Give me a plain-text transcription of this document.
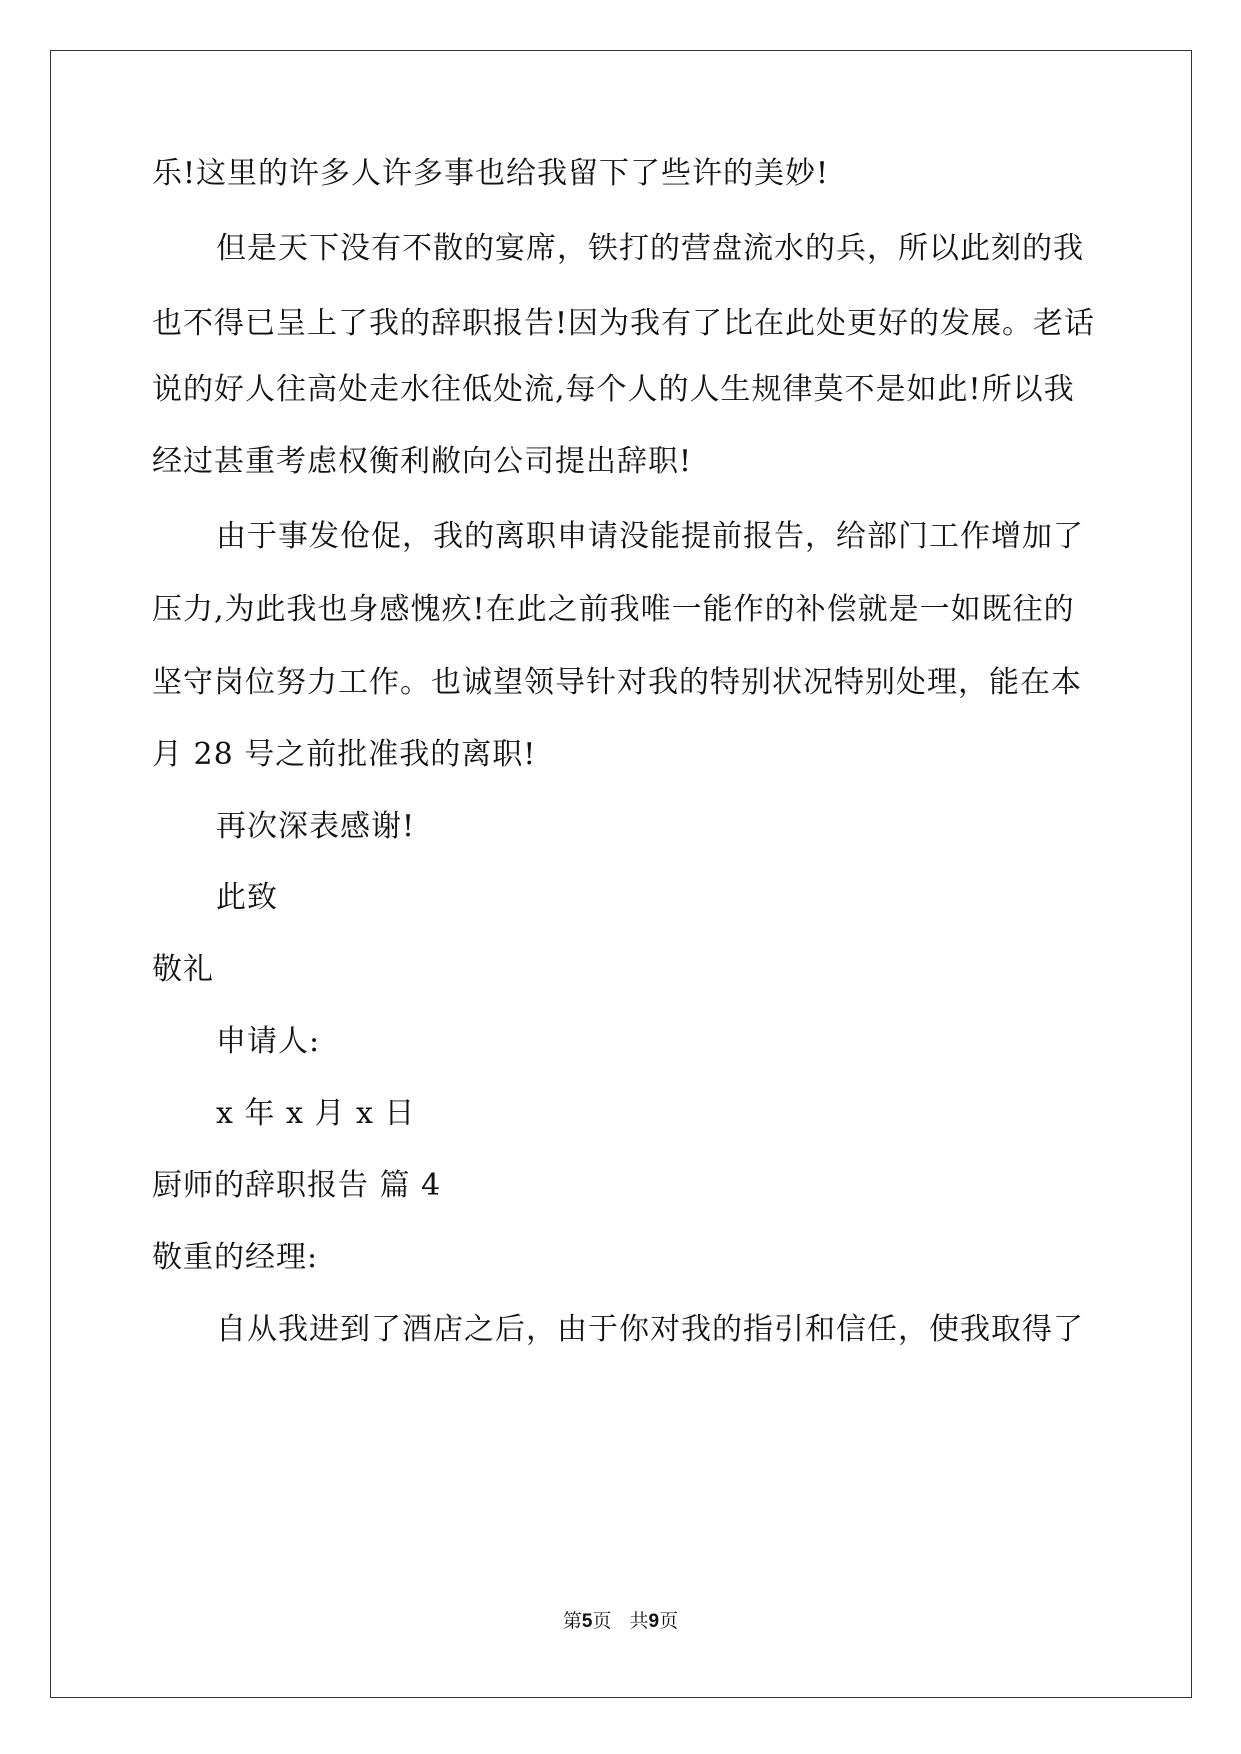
乐!这里的许多人许多事也给我留下了些许的美妙!
但是天下没有不散的宴席，铁打的营盘流水的兵，所以此刻的我
也不得已呈上了我的辞职报告!因为我有了比在此处更好的发展。老话
说的好人往高处走水往低处流,每个人的人生规律莫不是如此!所以我
经过甚重考虑权衡利敝向公司提出辞职!
由于事发伧促，我的离职申请没能提前报告，给部门工作增加了
压力,为此我也身感愧疚!在此之前我唯一能作的补偿就是一如既往的
坚守岗位努力工作。也诚望领导针对我的特别状况特别处理，能在本
月 28 号之前批准我的离职!
再次深表感谢!
此致
敬礼
申请人:
x 年 x 月 x 日
厨师的辞职报告 篇 4
敬重的经理:
自从我进到了酒店之后，由于你对我的指引和信任，使我取得了
第5页 共9页
